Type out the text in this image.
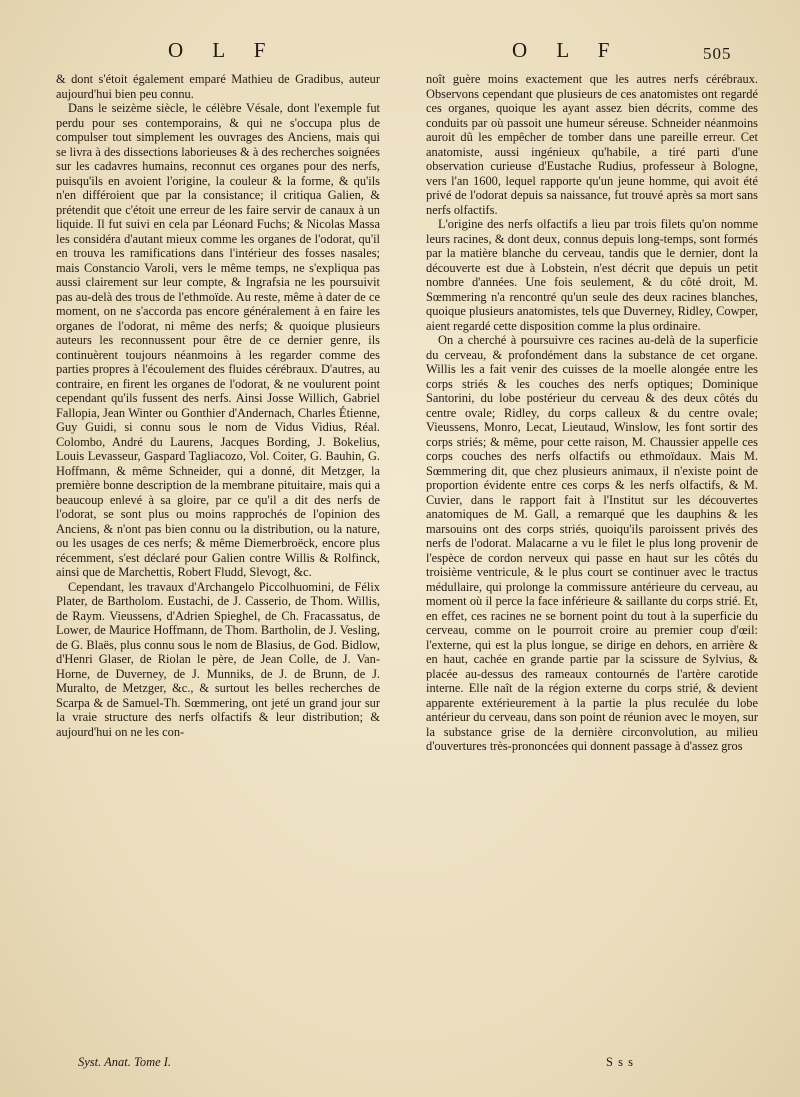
O L F	O L F	505

& dont s'étoit également emparé Mathieu de Gradibus, auteur aujourd'hui bien peu connu.

Dans le seizème siècle, le célèbre Vésale, dont l'exemple fut perdu pour ses contemporains, & qui ne s'occupa plus de compulser tout simplement les ouvrages des Anciens, mais qui se livra à des dissections laborieuses & à des recherches soignées sur les cadavres humains, reconnut ces organes pour des nerfs, puisqu'ils en avoient l'origine, la couleur & la forme, & qu'ils n'en différoient que par la consistance; il critiqua Galien, & prétendit que c'étoit une erreur de les faire servir de canaux à un liquide. Il fut suivi en cela par Léonard Fuchs; & Nicolas Massa les considéra d'autant mieux comme les organes de l'odorat, qu'il en trouva les ramifications dans l'intérieur des fosses nasales; mais Constancio Varoli, vers le même temps, ne s'expliqua pas aussi clairement sur leur compte, & Ingrafsia ne les poursuivit pas au-delà des trous de l'ethmoïde. Au reste, même à dater de ce moment, on ne s'accorda pas encore généralement à en faire les organes de l'odorat, ni même des nerfs; & quoique plusieurs auteurs les reconnussent pour être de ce dernier genre, ils continuèrent toujours néanmoins à les regarder comme des parties propres à l'écoulement des fluides cérébraux. D'autres, au contraire, en firent les organes de l'odorat, & ne voulurent point cependant qu'ils fussent des nerfs. Ainsi Josse Willich, Gabriel Fallopia, Jean Winter ou Gonthier d'Andernach, Charles Étienne, Guy Guidi, si connu sous le nom de Vidus Vidius, Réal. Colombo, André du Laurens, Jacques Bording, J. Bokelius, Louis Levasseur, Gaspard Tagliacozo, Vol. Coiter, G. Bauhin, G. Hoffmann, & même Schneider, qui a donné, dit Metzger, la première bonne description de la membrane pituitaire, mais qui a beaucoup enlevé à sa gloire, par ce qu'il a dit des nerfs de l'odorat, se sont plus ou moins rapprochés de l'opinion des Anciens, & n'ont pas bien connu ou la distribution, ou la nature, ou les usages de ces nerfs; & même Diemerbroëck, encore plus récemment, s'est déclaré pour Galien contre Willis & Rolfinck, ainsi que de Marchettis, Robert Fludd, Slevogt, &c.

Cependant, les travaux d'Archangelo Piccolhuomini, de Félix Plater, de Bartholom. Eustachi, de J. Casserio, de Thom. Willis, de Raym. Vieussens, d'Adrien Spieghel, de Ch. Fracassatus, de Lower, de Maurice Hoffmann, de Thom. Bartholin, de J. Vesling, de G. Blaës, plus connu sous le nom de Blasius, de God. Bidlow, d'Henri Glaser, de Riolan le père, de Jean Colle, de J. Van-Horne, de Duverney, de J. Munniks, de J. de Brunn, de J. Muralto, de Metzger, &c., & surtout les belles recherches de Scarpa & de Samuel-Th. Sœmmering, ont jeté un grand jour sur la vraie structure des nerfs olfactifs & leur distribution; & aujourd'hui on ne les con-

noît guère moins exactement que les autres nerfs cérébraux. Observons cependant que plusieurs de ces anatomistes ont regardé ces organes, quoique les ayant assez bien décrits, comme des conduits par où passoit une humeur séreuse. Schneider néanmoins auroit dû les empêcher de tomber dans une pareille erreur. Cet anatomiste, aussi ingénieux qu'habile, a tiré parti d'une observation curieuse d'Eustache Rudius, professeur à Bologne, vers l'an 1600, lequel rapporte qu'un jeune homme, qui avoit été privé de l'odorat depuis sa naissance, fut trouvé après sa mort sans nerfs olfactifs.

L'origine des nerfs olfactifs a lieu par trois filets qu'on nomme leurs racines, & dont deux, connus depuis long-temps, sont formés par la matière blanche du cerveau, tandis que le dernier, dont la découverte est due à Lobstein, n'est décrit que depuis un petit nombre d'années. Une fois seulement, & du côté droit, M. Sœmmering n'a rencontré qu'un seule des deux racines blanches, quoique plusieurs anatomistes, tels que Duverney, Ridley, Cowper, aient regardé cette disposition comme la plus ordinaire.

On a cherché à poursuivre ces racines au-delà de la superficie du cerveau, & profondément dans la substance de cet organe. Willis les a fait venir des cuisses de la moelle alongée entre les corps striés & les couches des nerfs optiques; Dominique Santorini, du lobe postérieur du cerveau & des deux côtés du centre ovale; Ridley, du corps calleux & du centre ovale; Vieussens, Monro, Lecat, Lieutaud, Winslow, les font sortir des corps striés; & même, pour cette raison, M. Chaussier appelle ces corps couches des nerfs olfactifs ou ethmoïdaux. Mais M. Sœmmering dit, que chez plusieurs animaux, il n'existe point de proportion évidente entre ces corps & les nerfs olfactifs, & M. Cuvier, dans le rapport fait à l'Institut sur les découvertes anatomiques de M. Gall, a remarqué que les dauphins & les marsouins ont des corps striés, quoiqu'ils paroissent privés des nerfs de l'odorat. Malacarne a vu le filet le plus long provenir de l'espèce de cordon nerveux qui passe en haut sur les côtés du troisième ventricule, & le plus court se continuer avec le tractus médullaire, qui prolonge la commissure antérieure du cerveau, au moment où il perce la face inférieure & saillante du corps strié. Et, en effet, ces racines ne se bornent point du tout à la superficie du cerveau, comme on le pourroit croire au premier coup d'œil: l'externe, qui est la plus longue, se dirige en dehors, en arrière & en haut, cachée en grande partie par la scissure de Sylvius, & placée au-dessus des rameaux contournés de l'artère carotide interne. Elle naît de la région externe du corps strié, & devient apparente extérieurement à la partie la plus reculée du lobe antérieur du cerveau, dans son point de réunion avec le moyen, sur la substance grise de la dernière circonvolution, au milieu d'ouvertures très-prononcées qui donnent passage à d'assez gros

Syst. Anat. Tome I.	S s s
